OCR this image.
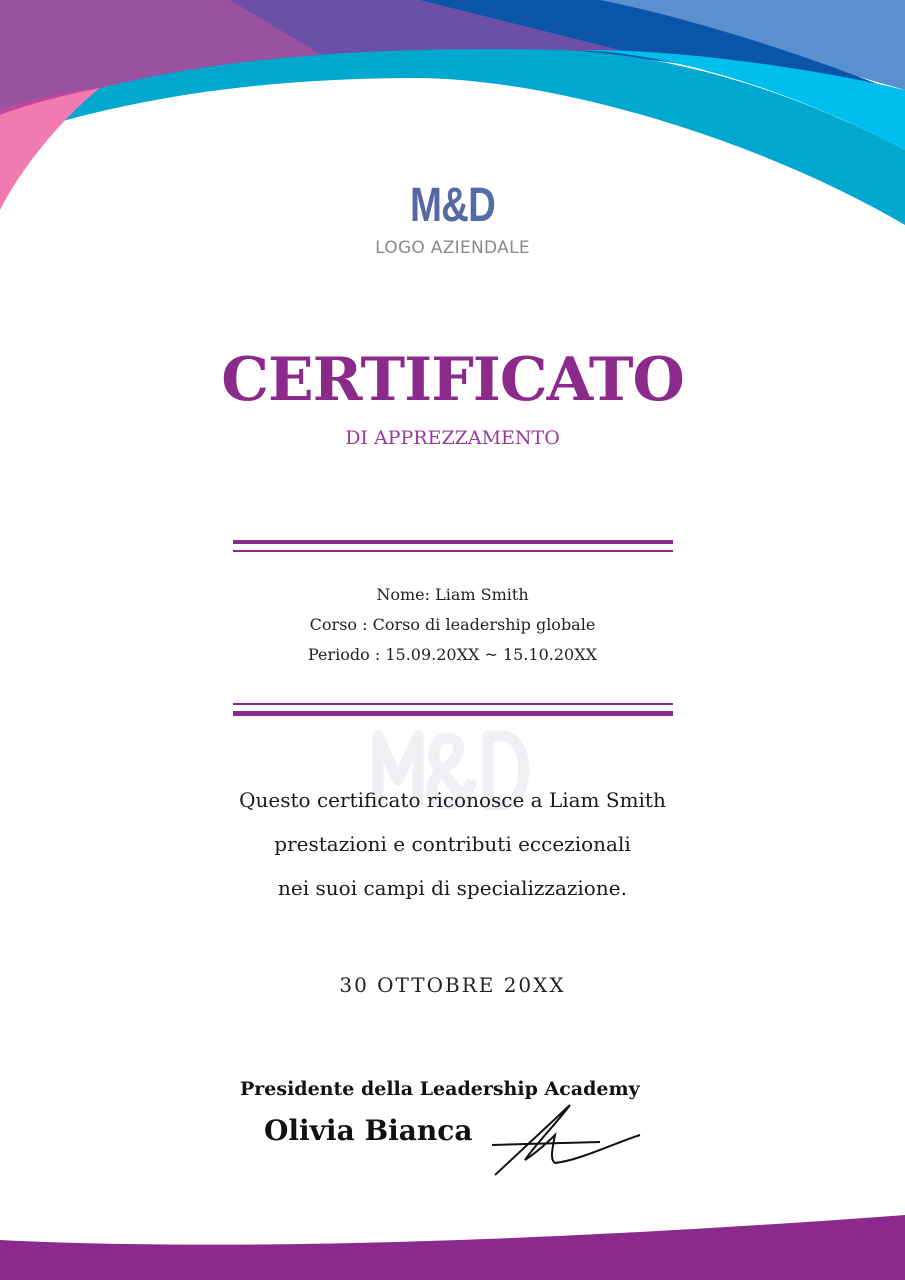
M&D
LOGO AZIENDALE
CERTIFICATO
DI APPREZZAMENTO
Nome: Liam Smith
Corso : Corso di leadership globale
Periodo : 15.09.20XX ~ 15.10.20XX
Questo certificato riconosce a Liam Smith
prestazioni e contributi eccezionali
nei suoi campi di specializzazione.
30 OTTOBRE 20XX
Presidente della Leadership Academy
Olivia Bianca
